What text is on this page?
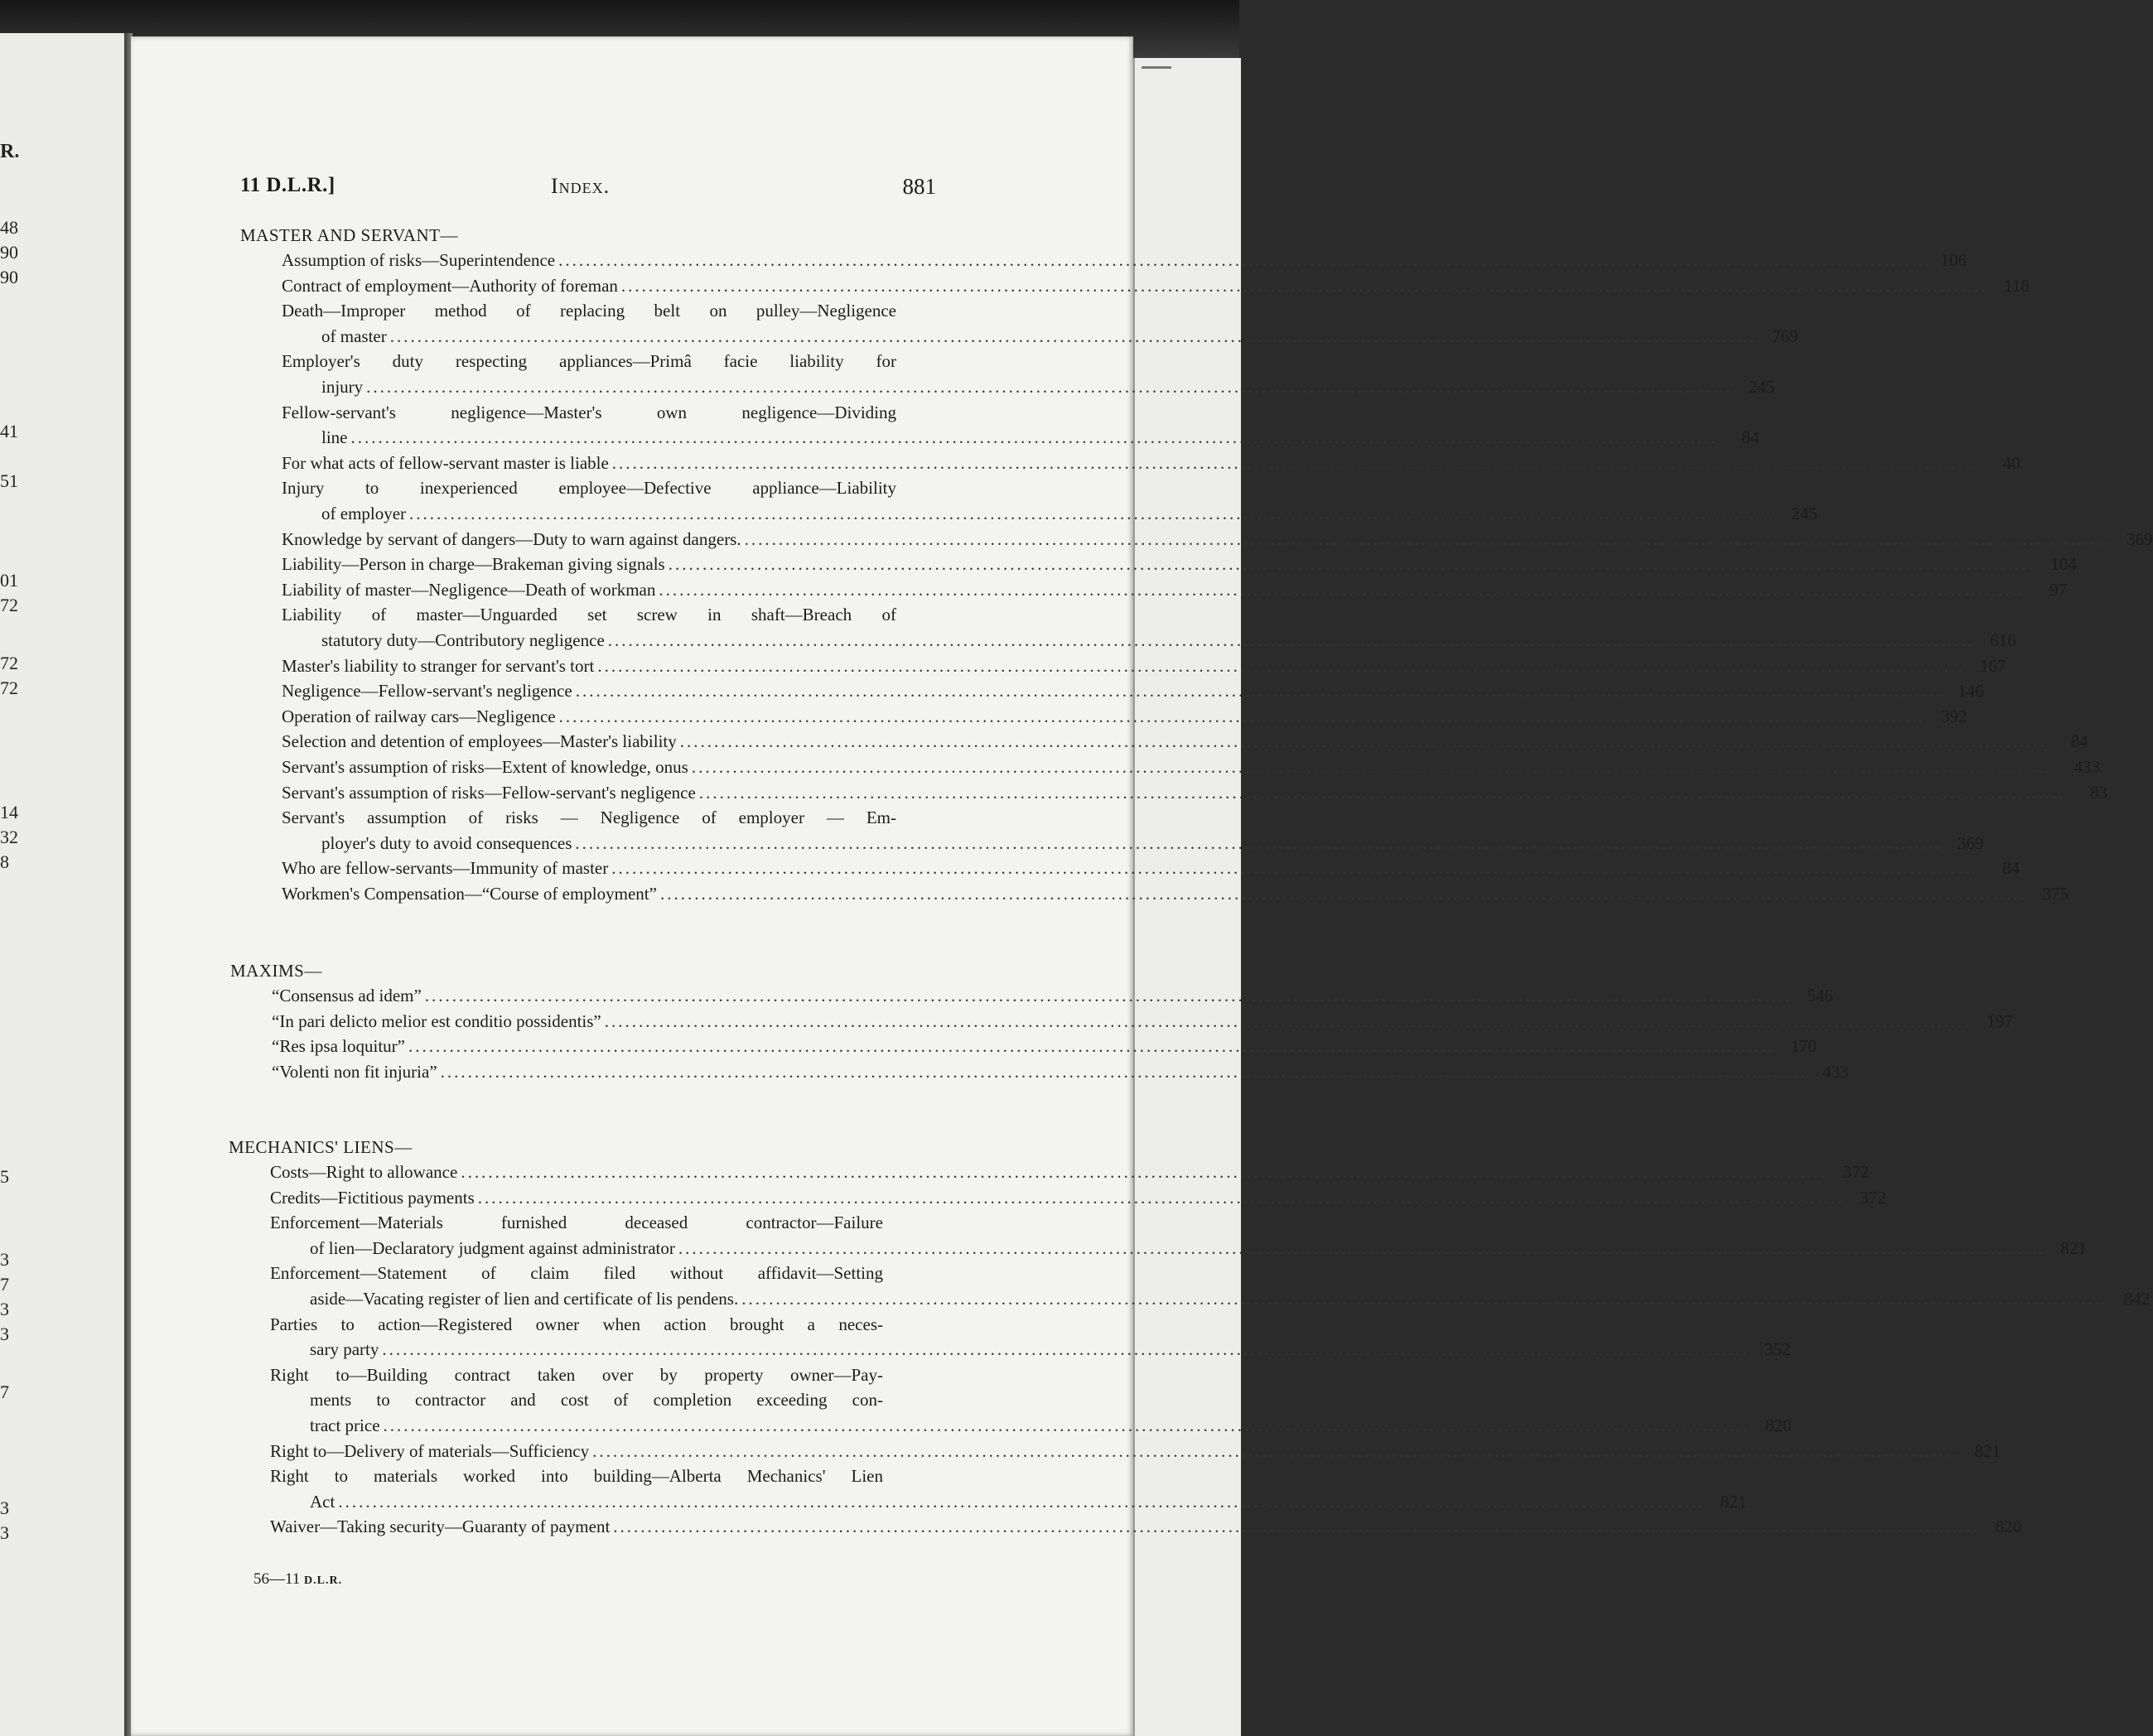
R.
48
90
90
41
51
01
72
72
72
14
32
8
5
3
7
3
3
7
3
3
11 D.L.R.]	Index.	881
MASTER AND SERVANT—
Assumption of risks—Superintendence ........................................................................................................................................................................................................ 106
Contract of employment—Authority of foreman ........................................................................................................................................................................................................ 118
Death—Improper method of replacing belt on pulley—Negligence
of master ........................................................................................................................................................................................................ 769
Employer's duty respecting appliances—Primâ facie liability for
injury ........................................................................................................................................................................................................ 245
Fellow-servant's negligence—Master's own negligence—Dividing
line ........................................................................................................................................................................................................	84
For what acts of fellow-servant master is liable ........................................................................................................................................................................................................	40
Injury to inexperienced employee—Defective appliance—Liability
of employer ........................................................................................................................................................................................................ 245
Knowledge by servant of dangers—Duty to warn against dangers. ........................................................................................................................................................................................................ 369
Liability—Person in charge—Brakeman giving signals ........................................................................................................................................................................................................ 104
Liability of master—Negligence—Death of workman ........................................................................................................................................................................................................	97
Liability of master—Unguarded set screw in shaft—Breach of
statutory duty—Contributory negligence ........................................................................................................................................................................................................ 616
Master's liability to stranger for servant's tort ........................................................................................................................................................................................................ 167
Negligence—Fellow-servant's negligence ........................................................................................................................................................................................................ 146
Operation of railway cars—Negligence ........................................................................................................................................................................................................ 392
Selection and detention of employees—Master's liability ........................................................................................................................................................................................................	84
Servant's assumption of risks—Extent of knowledge, onus ........................................................................................................................................................................................................ 433
Servant's assumption of risks—Fellow-servant's negligence ........................................................................................................................................................................................................	83
Servant's assumption of risks — Negligence of employer — Em-
ployer's duty to avoid consequences ........................................................................................................................................................................................................ 369
Who are fellow-servants—Immunity of master ........................................................................................................................................................................................................	84
Workmen's Compensation—“Course of employment” ........................................................................................................................................................................................................ 375
MAXIMS—
“Consensus ad idem” ........................................................................................................................................................................................................ 546
“In pari delicto melior est conditio possidentis” ........................................................................................................................................................................................................ 197
“Res ipsa loquitur” ........................................................................................................................................................................................................ 170
“Volenti non fit injuria” ........................................................................................................................................................................................................ 433
MECHANICS' LIENS—
Costs—Right to allowance ........................................................................................................................................................................................................ 372
Credits—Fictitious payments ........................................................................................................................................................................................................ 372
Enforcement—Materials furnished deceased contractor—Failure
of lien—Declaratory judgment against administrator ........................................................................................................................................................................................................ 821
Enforcement—Statement of claim filed without affidavit—Setting
aside—Vacating register of lien and certificate of lis pendens. ........................................................................................................................................................................................................ 842
Parties to action—Registered owner when action brought a neces-
sary party ........................................................................................................................................................................................................ 352
Right to—Building contract taken over by property owner—Pay-
ments to contractor and cost of completion exceeding con-
tract price ........................................................................................................................................................................................................ 820
Right to—Delivery of materials—Sufficiency ........................................................................................................................................................................................................ 821
Right to materials worked into building—Alberta Mechanics' Lien
Act ........................................................................................................................................................................................................ 821
Waiver—Taking security—Guaranty of payment ........................................................................................................................................................................................................ 820
56—11 D.L.R.
